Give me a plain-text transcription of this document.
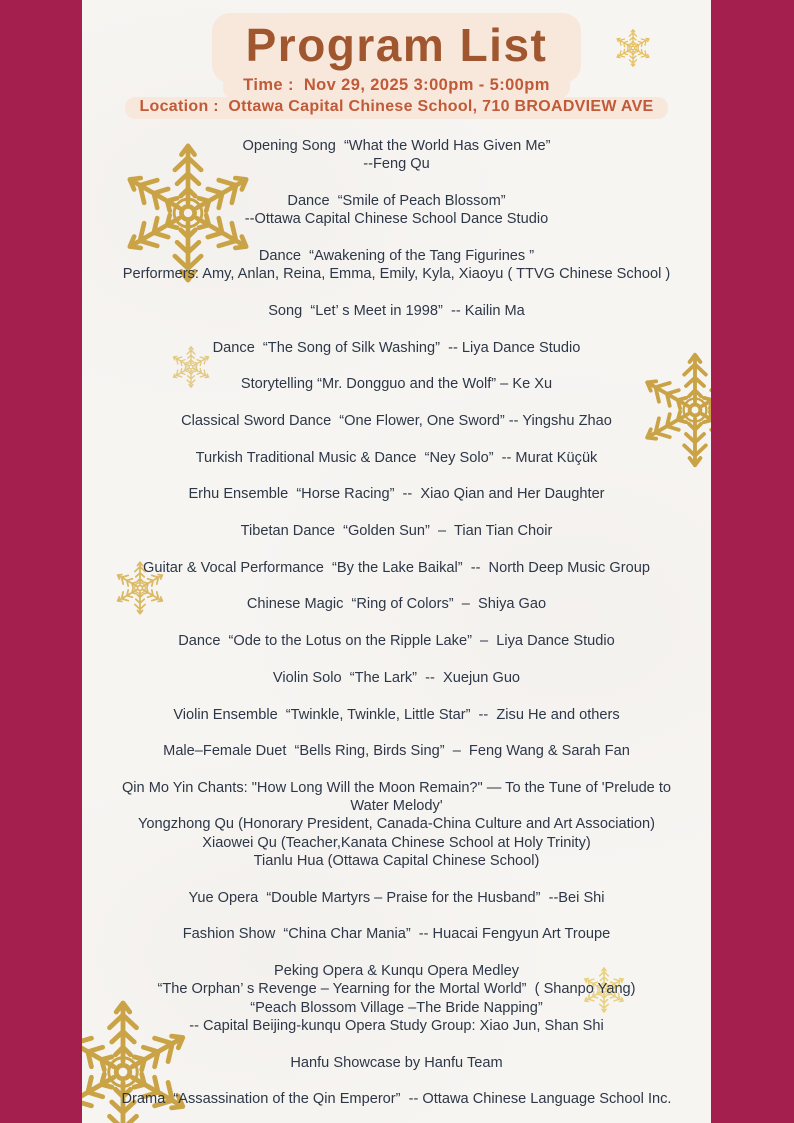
Program List
Time :  Nov 29, 2025 3:00pm - 5:00pm
Location :  Ottawa Capital Chinese School, 710 BROADVIEW AVE

Opening Song  “What the World Has Given Me”
--Feng Qu

Dance  “Smile of Peach Blossom”
--Ottawa Capital Chinese School Dance Studio

Dance  “Awakening of the Tang Figurines ”
Performers: Amy, Anlan, Reina, Emma, Emily, Kyla, Xiaoyu ( TTVG Chinese School )

Song  “Let’ s Meet in 1998”  -- Kailin Ma

Dance  “The Song of Silk Washing”  -- Liya Dance Studio

Storytelling “Mr. Dongguo and the Wolf” – Ke Xu

Classical Sword Dance  “One Flower, One Sword” -- Yingshu Zhao

Turkish Traditional Music & Dance  “Ney Solo”  -- Murat Küçük

Erhu Ensemble  “Horse Racing”  --  Xiao Qian and Her Daughter

Tibetan Dance  “Golden Sun”  –  Tian Tian Choir

Guitar & Vocal Performance  “By the Lake Baikal”  --  North Deep Music Group

Chinese Magic  “Ring of Colors”  –  Shiya Gao

Dance  “Ode to the Lotus on the Ripple Lake”  –  Liya Dance Studio

Violin Solo  “The Lark”  --  Xuejun Guo

Violin Ensemble  “Twinkle, Twinkle, Little Star”  --  Zisu He and others

Male–Female Duet  “Bells Ring, Birds Sing”  –  Feng Wang & Sarah Fan

Qin Mo Yin Chants: "How Long Will the Moon Remain?" — To the Tune of 'Prelude to
Water Melody'
Yongzhong Qu (Honorary President, Canada-China Culture and Art Association)
Xiaowei Qu (Teacher,Kanata Chinese School at Holy Trinity)
Tianlu Hua (Ottawa Capital Chinese School)

Yue Opera  “Double Martyrs – Praise for the Husband”  --Bei Shi

Fashion Show  “China Char Mania”  -- Huacai Fengyun Art Troupe

Peking Opera & Kunqu Opera Medley
“The Orphan’ s Revenge – Yearning for the Mortal World”  ( Shanpo Yang)
“Peach Blossom Village –The Bride Napping”
-- Capital Beijing-kunqu Opera Study Group: Xiao Jun, Shan Shi

Hanfu Showcase by Hanfu Team

Drama  “Assassination of the Qin Emperor”  -- Ottawa Chinese Language School Inc.
